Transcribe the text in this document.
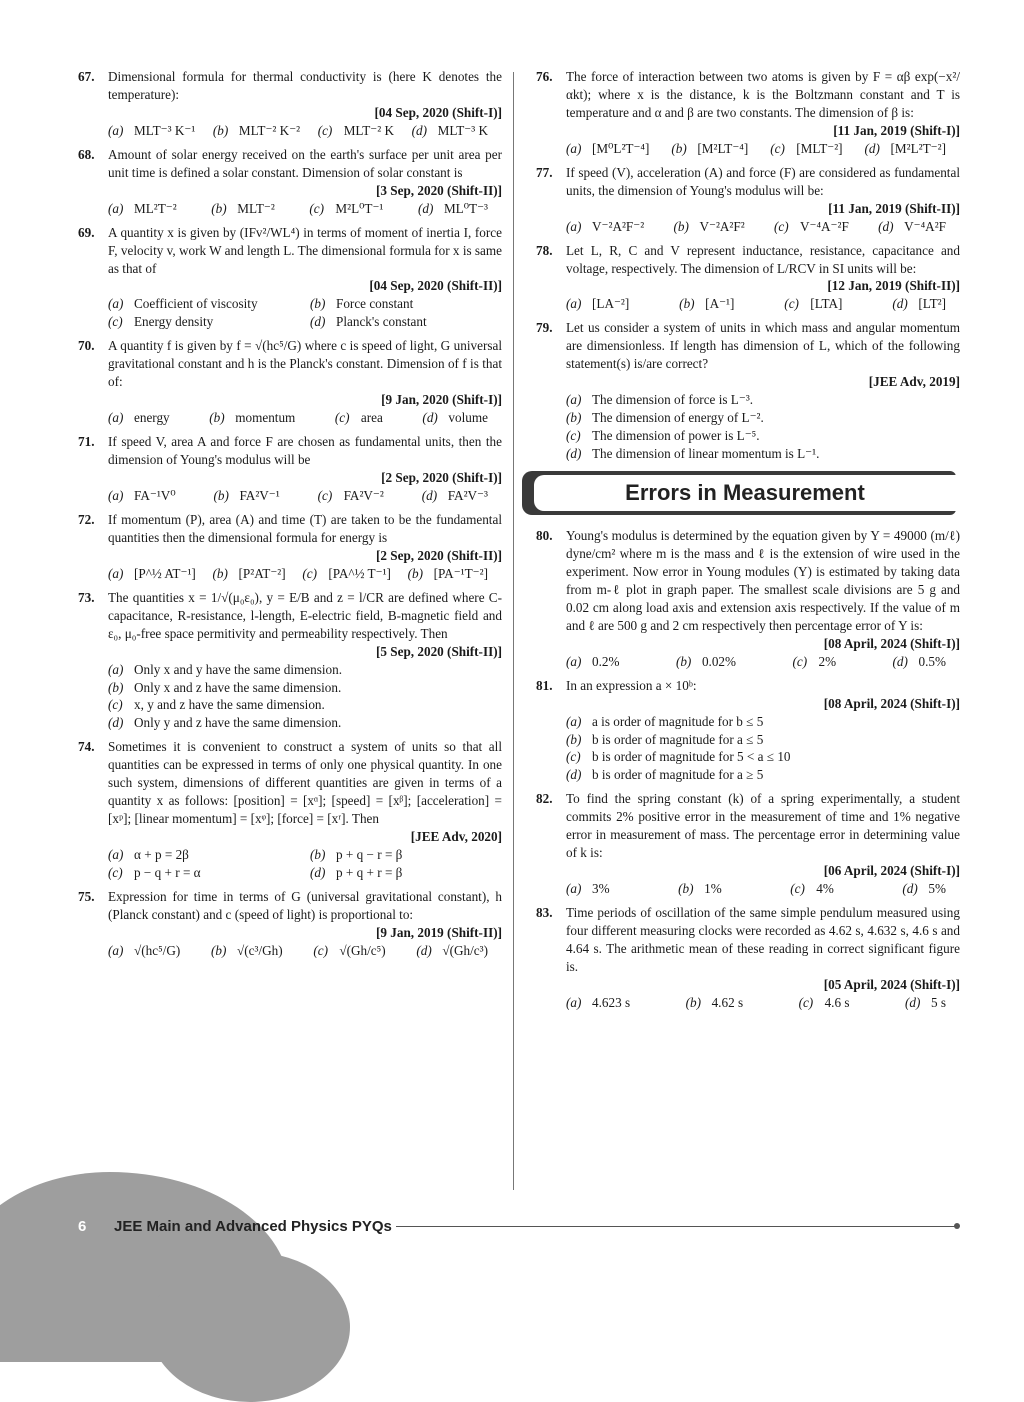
67. Dimensional formula for thermal conductivity is (here K denotes the temperature):
[04 Sep, 2020 (Shift-I)]
(a) MLT⁻³ K⁻¹ (b) MLT⁻² K⁻² (c) MLT⁻² K (d) MLT⁻³ K
68. Amount of solar energy received on the earth's surface per unit area per unit time is defined a solar constant. Dimension of solar constant is
[3 Sep, 2020 (Shift-II)]
(a) ML²T⁻²	(b) MLT⁻²	(c) M²L⁰T⁻¹	(d) ML⁰T⁻³
69. A quantity x is given by (IFv²/WL⁴) in terms of moment of inertia I, force F, velocity v, work W and length L. The dimensional formula for x is same as that of
[04 Sep, 2020 (Shift-II)]
(a) Coefficient of viscosity	(b) Force constant
(c) Energy density	(d) Planck's constant
70. A quantity f is given by f = √(hc⁵/G) where c is speed of light, G universal gravitational constant and h is the Planck's constant. Dimension of f is that of:
[9 Jan, 2020 (Shift-I)]
(a) energy	(b) momentum	(c) area	(d) volume
71. If speed V, area A and force F are chosen as fundamental units, then the dimension of Young's modulus will be
[2 Sep, 2020 (Shift-I)]
(a) FA⁻¹V⁰	(b) FA²V⁻¹	(c) FA²V⁻²	(d) FA²V⁻³
72. If momentum (P), area (A) and time (T) are taken to be the fundamental quantities then the dimensional formula for energy is
[2 Sep, 2020 (Shift-II)]
(a) [P^½ AT⁻¹] (b) [P²AT⁻²] (c) [PA^½ T⁻¹] (b) [PA⁻¹T⁻²]
73. The quantities x = 1/√(μ₀ε₀), y = E/B and z = l/CR are defined where C-capacitance, R-resistance, l-length, E-electric field, B-magnetic field and ε₀, μ₀-free space permitivity and permeability respectively. Then
[5 Sep, 2020 (Shift-II)]
(a) Only x and y have the same dimension.
(b) Only x and z have the same dimension.
(c) x, y and z have the same dimension.
(d) Only y and z have the same dimension.
74. Sometimes it is convenient to construct a system of units so that all quantities can be expressed in terms of only one physical quantity. In one such system, dimensions of different quantities are given in terms of a quantity x as follows: [position] = [xᵅ]; [speed] = [xᵝ]; [acceleration] = [xᵖ]; [linear momentum] = [xᵠ]; [force] = [xʳ]. Then
[JEE Adv, 2020]
(a) α + p = 2β	(b) p + q − r = β
(c) p − q + r = α	(d) p + q + r = β
75. Expression for time in terms of G (universal gravitational constant), h (Planck constant) and c (speed of light) is proportional to:
[9 Jan, 2019 (Shift-II)]
(a) √(hc⁵/G) (b) √(c³/Gh) (c) √(Gh/c⁵) (d) √(Gh/c³)
76. The force of interaction between two atoms is given by F = αβ exp(−x²/αkt); where x is the distance, k is the Boltzmann constant and T is temperature and α and β are two constants. The dimension of β is:
[11 Jan, 2019 (Shift-I)]
(a) [M⁰L²T⁻⁴] (b) [M²LT⁻⁴] (c) [MLT⁻²] (d) [M²L²T⁻²]
77. If speed (V), acceleration (A) and force (F) are considered as fundamental units, the dimension of Young's modulus will be:
[11 Jan, 2019 (Shift-II)]
(a) V⁻²A²F⁻² (b) V⁻²A²F² (c) V⁻⁴A⁻²F (d) V⁻⁴A²F
78. Let L, R, C and V represent inductance, resistance, capacitance and voltage, respectively. The dimension of L/RCV in SI units will be:
[12 Jan, 2019 (Shift-II)]
(a) [LA⁻²]	(b) [A⁻¹]	(c) [LTA]	(d) [LT²]
79. Let us consider a system of units in which mass and angular momentum are dimensionless. If length has dimension of L, which of the following statement(s) is/are correct?
[JEE Adv, 2019]
(a) The dimension of force is L⁻³.
(b) The dimension of energy of L⁻².
(c) The dimension of power is L⁻⁵.
(d) The dimension of linear momentum is L⁻¹.
Errors in Measurement
80. Young's modulus is determined by the equation given by Y = 49000 (m/ℓ) dyne/cm² where m is the mass and ℓ is the extension of wire used in the experiment. Now error in Young modules (Y) is estimated by taking data from m-ℓ plot in graph paper. The smallest scale divisions are 5 g and 0.02 cm along load axis and extension axis respectively. If the value of m and ℓ are 500 g and 2 cm respectively then percentage error of Y is:
[08 April, 2024 (Shift-I)]
(a) 0.2%	(b) 0.02%	(c) 2%	(d) 0.5%
81. In an expression a × 10ᵇ:
[08 April, 2024 (Shift-I)]
(a) a is order of magnitude for b ≤ 5
(b) b is order of magnitude for a ≤ 5
(c) b is order of magnitude for 5 < a ≤ 10
(d) b is order of magnitude for a ≥ 5
82. To find the spring constant (k) of a spring experimentally, a student commits 2% positive error in the measurement of time and 1% negative error in measurement of mass. The percentage error in determining value of k is:
[06 April, 2024 (Shift-I)]
(a) 3%	(b) 1%	(c) 4%	(d) 5%
83. Time periods of oscillation of the same simple pendulum measured using four different measuring clocks were recorded as 4.62 s, 4.632 s, 4.6 s and 4.64 s. The arithmetic mean of these reading in correct significant figure is.
[05 April, 2024 (Shift-I)]
(a) 4.623 s	(b) 4.62 s	(c) 4.6 s	(d) 5 s
6 JEE Main and Advanced Physics PYQs
